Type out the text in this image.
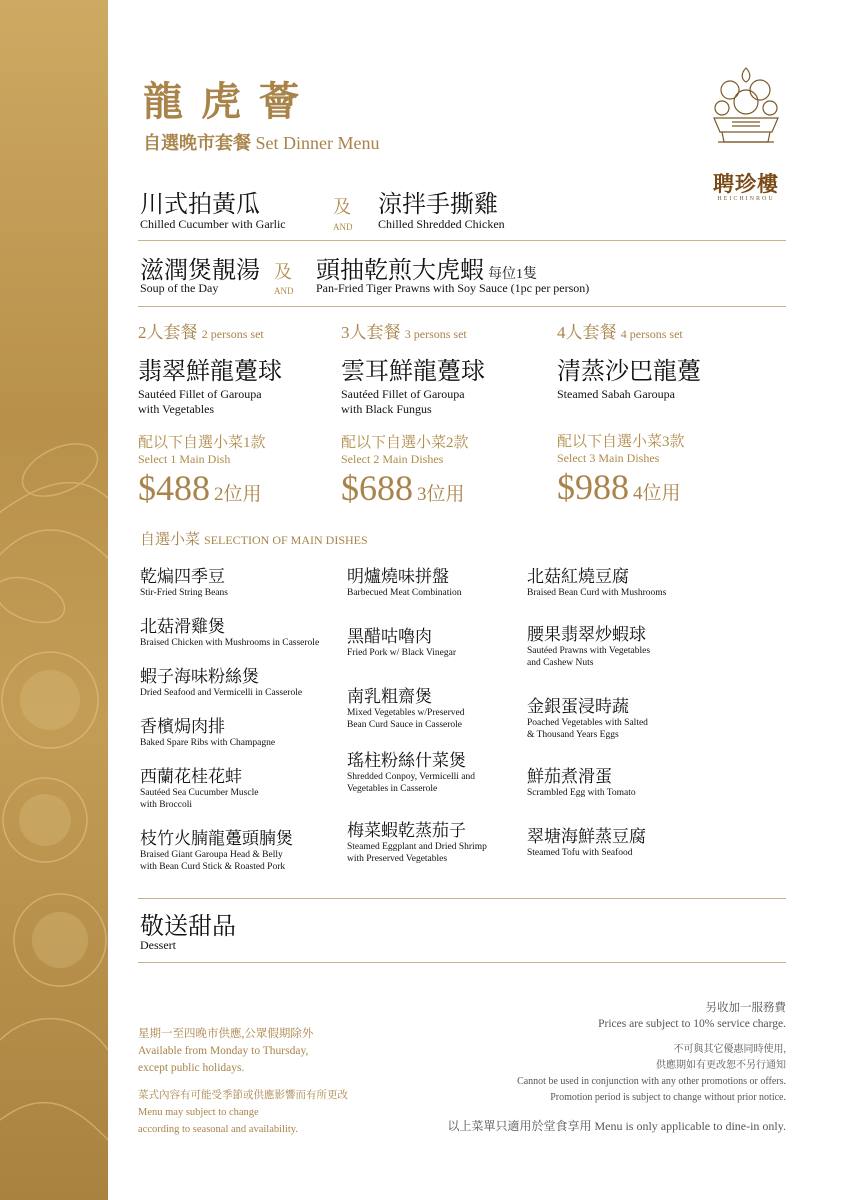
龍虎薈
自選晚市套餐 Set Dinner Menu
聘珍樓
HEICHINROU
川式拍黃瓜
Chilled Cucumber with Garlic
及
AND
涼拌手撕雞
Chilled Shredded Chicken
滋潤煲靚湯
Soup of the Day
及
AND
頭抽乾煎大虎蝦 每位1隻
Pan-Fried Tiger Prawns with Soy Sauce (1pc per person)
2人套餐 2 persons set
翡翠鮮龍躉球
Sautéed Fillet of Garoupa
with Vegetables
配以下自選小菜1款
Select 1 Main Dish
$488 2位用
3人套餐 3 persons set
雲耳鮮龍躉球
Sautéed Fillet of Garoupa
with Black Fungus
配以下自選小菜2款
Select 2 Main Dishes
$688 3位用
4人套餐 4 persons set
清蒸沙巴龍躉
Steamed Sabah Garoupa
配以下自選小菜3款
Select 3 Main Dishes
$988 4位用
自選小菜 SELECTION OF MAIN DISHES
乾煸四季豆
Stir-Fried String Beans
北菇滑雞煲
Braised Chicken with Mushrooms in Casserole
蝦子海味粉絲煲
Dried Seafood and Vermicelli in Casserole
香檳焗肉排
Baked Spare Ribs with Champagne
西蘭花桂花蚌
Sautéed Sea Cucumber Muscle
with Broccoli
枝竹火腩龍躉頭腩煲
Braised Giant Garoupa Head & Belly
with Bean Curd Stick & Roasted Pork
明爐燒味拼盤
Barbecued Meat Combination
黑醋咕嚕肉
Fried Pork w/ Black Vinegar
南乳粗齋煲
Mixed Vegetables w/Preserved
Bean Curd Sauce in Casserole
瑤柱粉絲什菜煲
Shredded Conpoy, Vermicelli and
Vegetables in Casserole
梅菜蝦乾蒸茄子
Steamed Eggplant and Dried Shrimp
with Preserved Vegetables
北菇紅燒豆腐
Braised Bean Curd with Mushrooms
腰果翡翠炒蝦球
Sautéed Prawns with Vegetables
and Cashew Nuts
金銀蛋浸時蔬
Poached Vegetables with Salted
& Thousand Years Eggs
鮮茄煮滑蛋
Scrambled Egg with Tomato
翠塘海鮮蒸豆腐
Steamed Tofu with Seafood
敬送甜品
Dessert
星期一至四晚市供應,公眾假期除外
Available from Monday to Thursday,
except public holidays.
菜式內容有可能受季節或供應影響而有所更改
Menu may subject to change
according to seasonal and availability.
另收加一服務費
Prices are subject to 10% service charge.
不可與其它優惠同時使用,
供應期如有更改恕不另行通知
Cannot be used in conjunction with any other promotions or offers.
Promotion period is subject to change without prior notice.
以上菜單只適用於堂食享用 Menu is only applicable to dine-in only.
